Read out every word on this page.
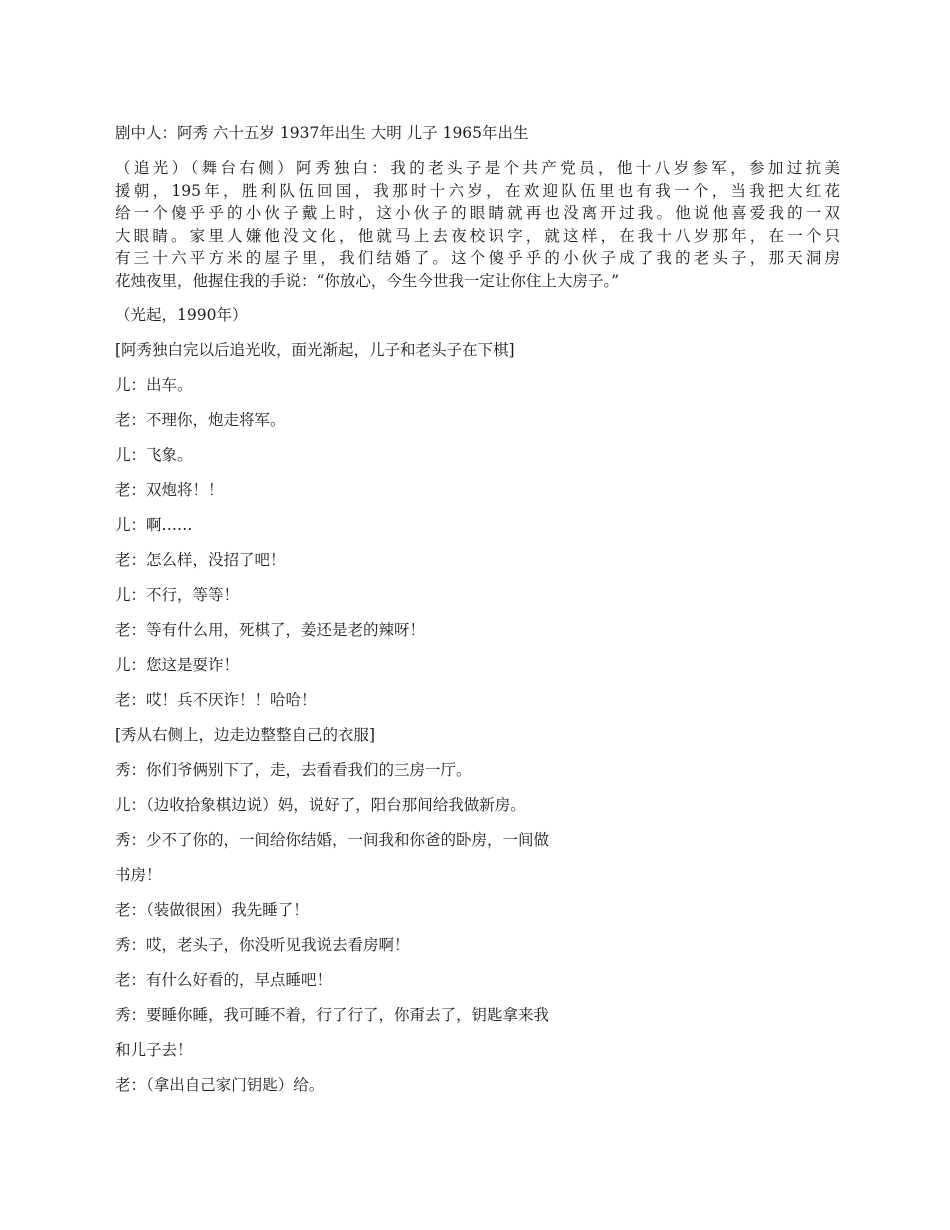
剧中人：阿秀 六十五岁 1937年出生 大明 儿子 1965年出生
（追光）（舞台右侧）阿秀独白：我的老头子是个共产党员，他十八岁参军，参加过抗美
援朝，195年，胜利队伍回国，我那时十六岁，在欢迎队伍里也有我一个，当我把大红花
给一个傻乎乎的小伙子戴上时，这小伙子的眼睛就再也没离开过我。他说他喜爱我的一双
大眼睛。家里人嫌他没文化，他就马上去夜校识字，就这样，在我十八岁那年，在一个只
有三十六平方米的屋子里，我们结婚了。这个傻乎乎的小伙子成了我的老头子，那天洞房
花烛夜里，他握住我的手说：“你放心，今生今世我一定让你住上大房子。”
（光起，1990年）
[阿秀独白完以后追光收，面光渐起，儿子和老头子在下棋]
儿：出车。
老：不理你，炮走将军。
儿：飞象。
老：双炮将！！
儿：啊……
老：怎么样，没招了吧！
儿：不行，等等！
老：等有什么用，死棋了，姜还是老的辣呀！
儿：您这是耍诈！
老：哎！兵不厌诈！！哈哈！
[秀从右侧上，边走边整整自己的衣服]
秀：你们爷俩别下了，走，去看看我们的三房一厅。
儿：（边收拾象棋边说）妈，说好了，阳台那间给我做新房。
秀：少不了你的，一间给你结婚，一间我和你爸的卧房，一间做
书房！
老：（装做很困）我先睡了！
秀：哎，老头子，你没听见我说去看房啊！
老：有什么好看的，早点睡吧！
秀：要睡你睡，我可睡不着，行了行了，你甭去了，钥匙拿来我
和儿子去！
老：（拿出自己家门钥匙）给。
